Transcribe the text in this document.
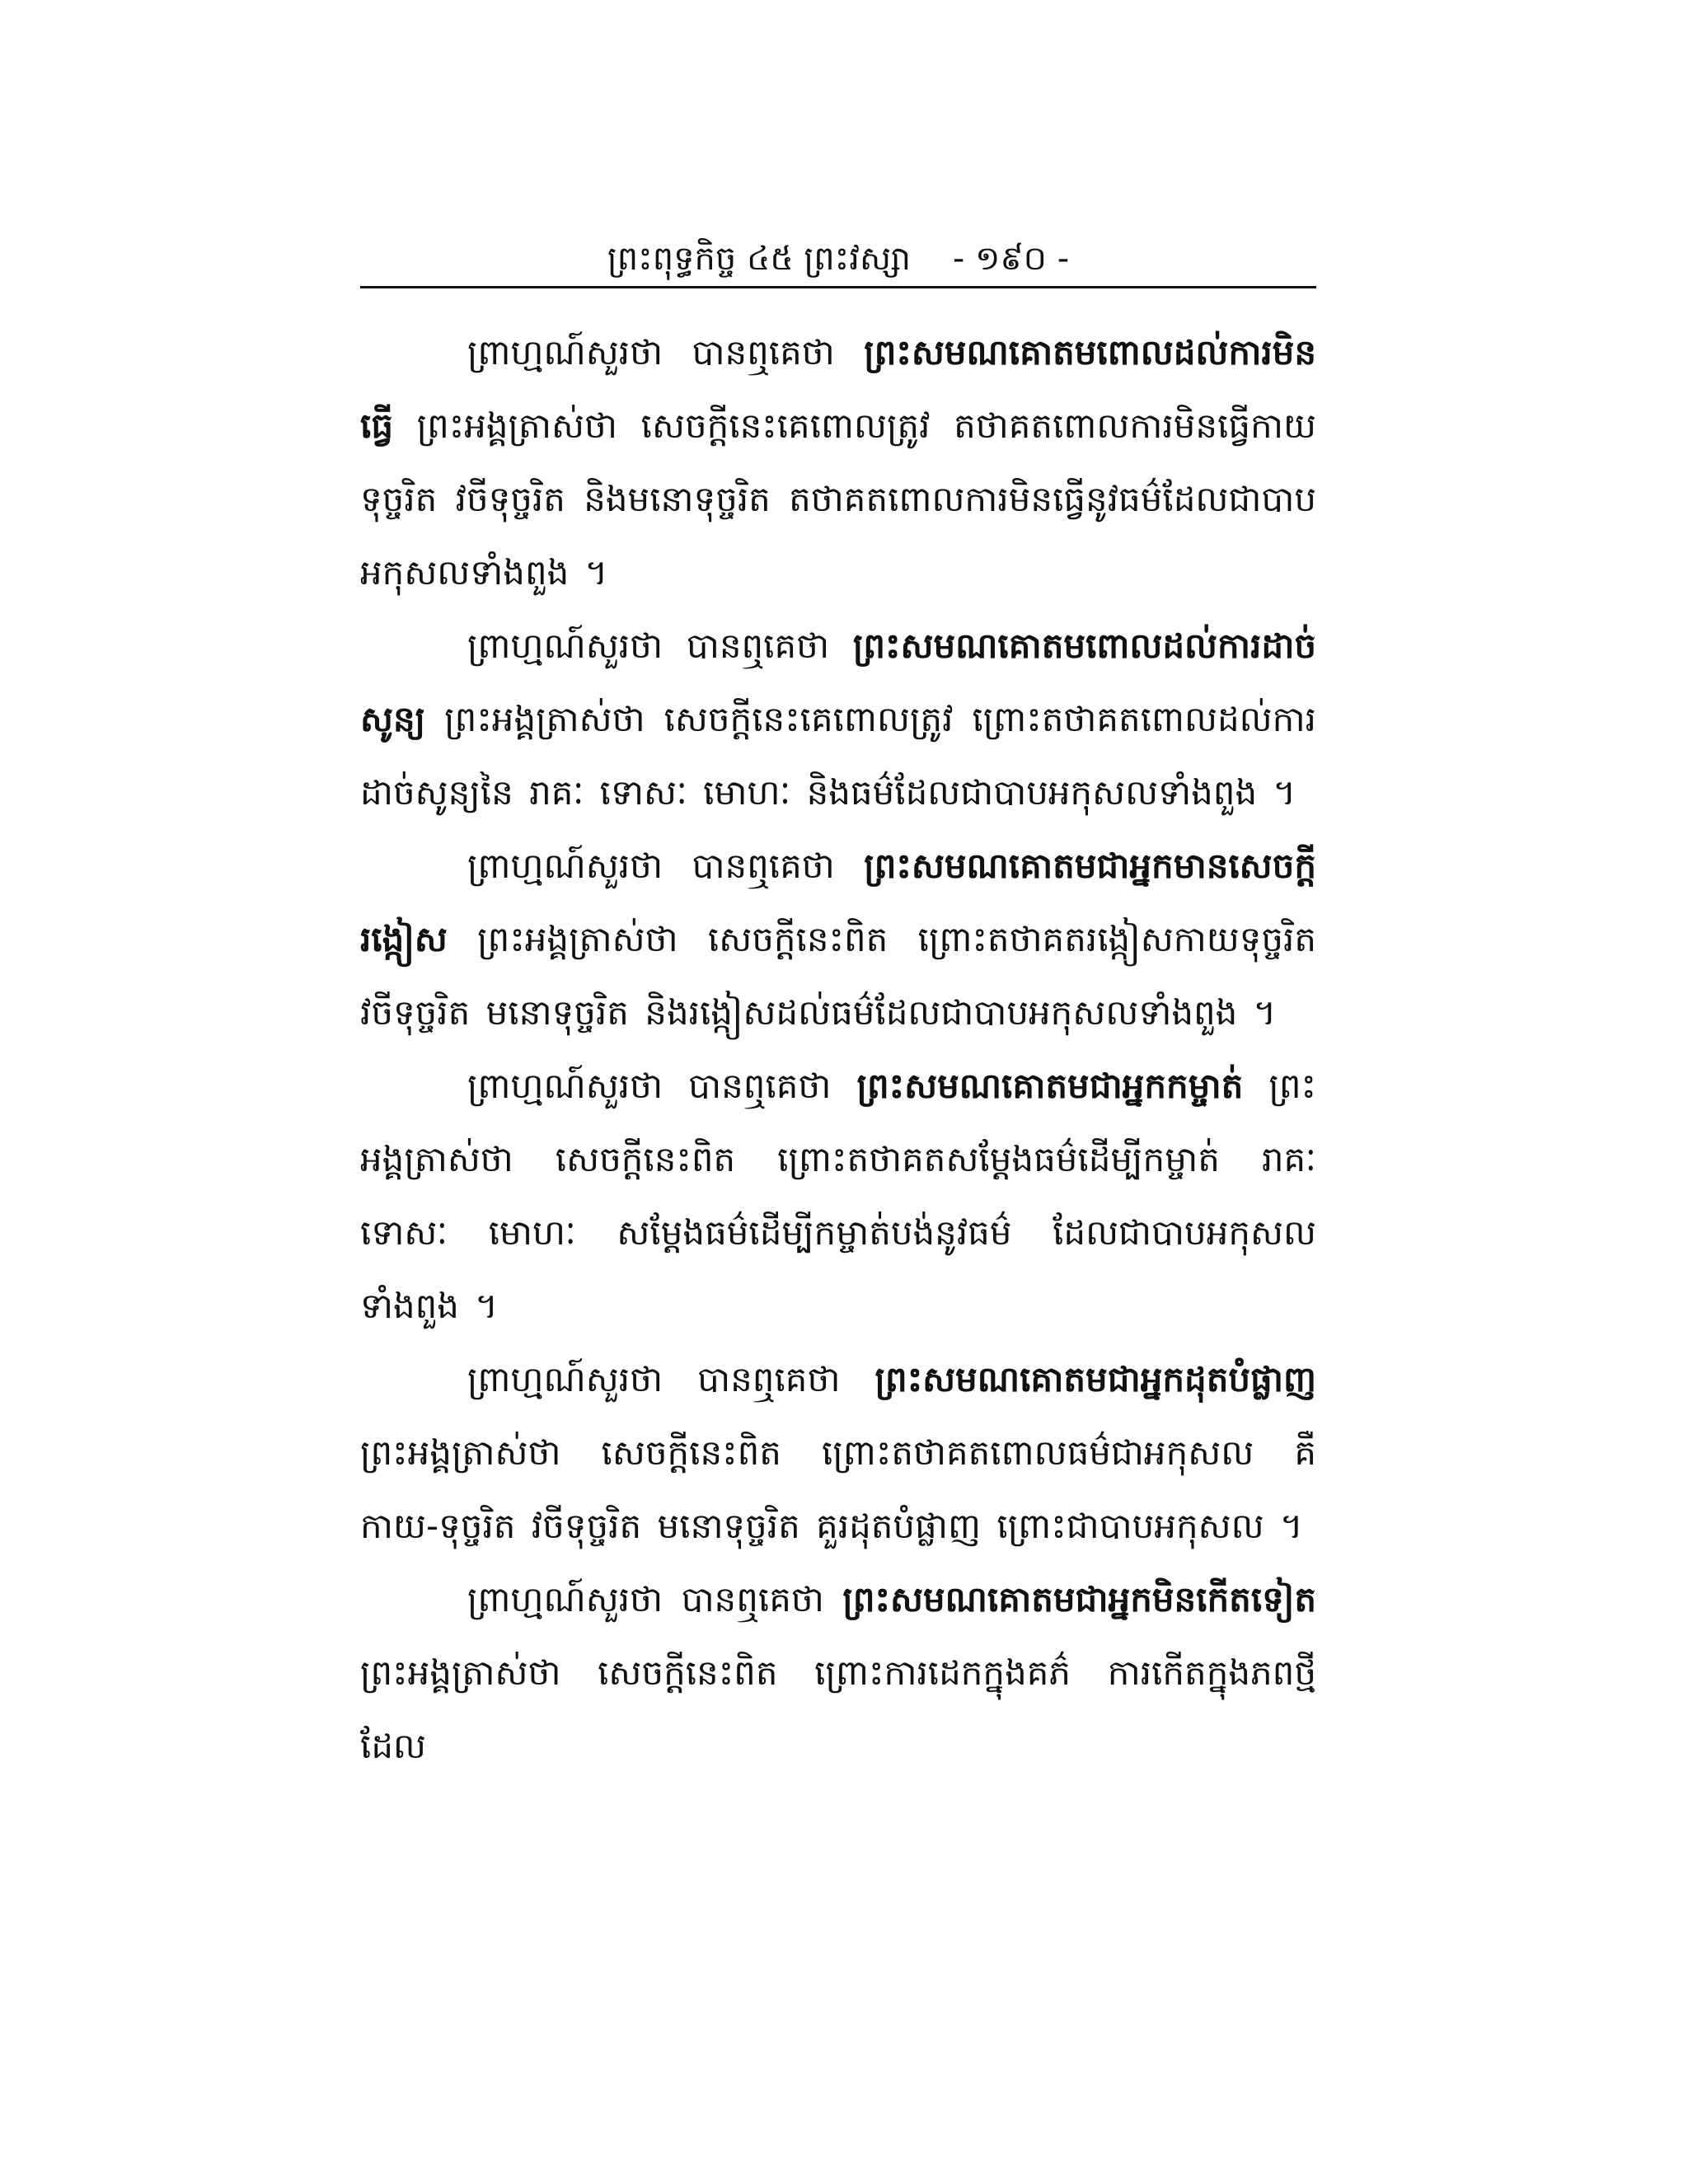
ព្រះពុទ្ធកិច្ច ៤៥ ព្រះវស្សា - ១៩០ -

ព្រាហ្មណ៍សួរថា បានឮគេថា ព្រះសមណគោតមពោលដល់ការមិនធ្វើ ព្រះអង្គត្រាស់ថា សេចក្តីនេះគេពោលត្រូវ តថាគតពោលការមិនធ្វើកាយទុច្ចរិត វចីទុច្ចរិត និងមនោទុច្ចរិត តថាគតពោលការមិនធ្វើនូវធម៌ដែលជាបាបអកុសលទាំងពួង ។

ព្រាហ្មណ៍សួរថា បានឮគេថា ព្រះសមណគោតមពោលដល់ការដាច់សូន្យ ព្រះអង្គត្រាស់ថា សេចក្តីនេះគេពោលត្រូវ ព្រោះតថាគតពោលដល់ការដាច់សូន្យនៃ រាគៈ ទោសៈ មោហៈ និងធម៌ដែលជាបាបអកុសលទាំងពួង ។

ព្រាហ្មណ៍សួរថា បានឮគេថា ព្រះសមណគោតមជាអ្នកមានសេចក្តីរង្កៀស ព្រះអង្គត្រាស់ថា សេចក្តីនេះពិត ព្រោះតថាគតរង្កៀសកាយទុច្ចរិត វចីទុច្ចរិត មនោទុច្ចរិត និងរង្កៀសដល់ធម៌ដែលជាបាបអកុសលទាំងពួង ។

ព្រាហ្មណ៍សួរថា បានឮគេថា ព្រះសមណគោតមជាអ្នកកម្ចាត់ ព្រះអង្គត្រាស់ថា សេចក្តីនេះពិត ព្រោះតថាគតសម្តែងធម៌ដើម្បីកម្ចាត់ រាគៈ ទោសៈ មោហៈ សម្តែងធម៌ដើម្បីកម្ចាត់បង់នូវធម៌ ដែលជាបាបអកុសលទាំងពួង ។

ព្រាហ្មណ៍សួរថា បានឮគេថា ព្រះសមណគោតមជាអ្នកដុតបំផ្លាញ ព្រះអង្គត្រាស់ថា សេចក្តីនេះពិត ព្រោះតថាគតពោលធម៌ជាអកុសល គឺកាយ-ទុច្ចរិត វចីទុច្ចរិត មនោទុច្ចរិត គួរដុតបំផ្លាញ ព្រោះជាបាបអកុសល ។

ព្រាហ្មណ៍សួរថា បានឮគេថា ព្រះសមណគោតមជាអ្នកមិនកើតទៀត ព្រះអង្គត្រាស់ថា សេចក្តីនេះពិត ព្រោះការដេកក្នុងគភ៌ ការកើតក្នុងភពថ្មី ដែល
